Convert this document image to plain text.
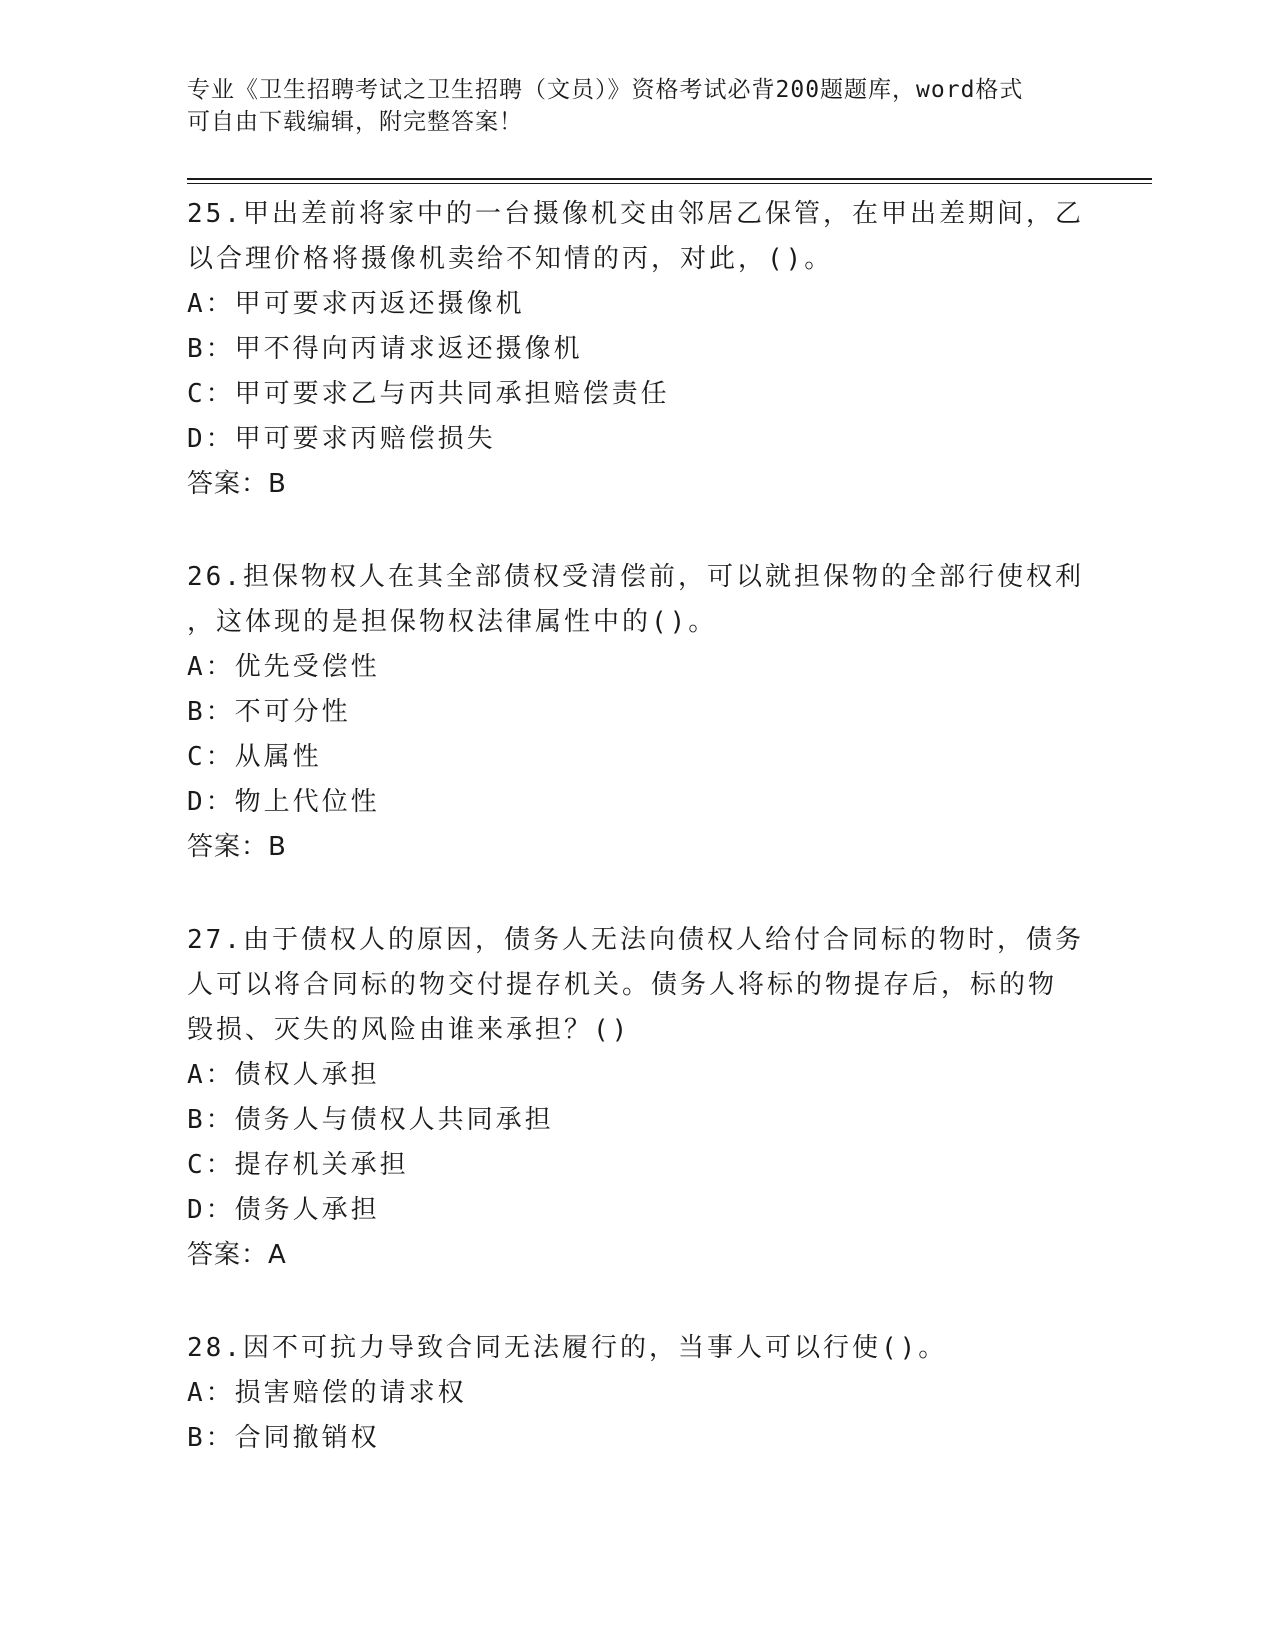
专业《卫生招聘考试之卫生招聘（文员）》资格考试必背200题题库，word格式
可自由下载编辑，附完整答案！
25.甲出差前将家中的一台摄像机交由邻居乙保管，在甲出差期间，乙
以合理价格将摄像机卖给不知情的丙，对此，()。
A：甲可要求丙返还摄像机
B：甲不得向丙请求返还摄像机
C：甲可要求乙与丙共同承担赔偿责任
D：甲可要求丙赔偿损失
答案：B
26.担保物权人在其全部债权受清偿前，可以就担保物的全部行使权利
，这体现的是担保物权法律属性中的()。
A：优先受偿性
B：不可分性
C：从属性
D：物上代位性
答案：B
27.由于债权人的原因，债务人无法向债权人给付合同标的物时，债务
人可以将合同标的物交付提存机关。债务人将标的物提存后，标的物
毁损、灭失的风险由谁来承担？()
A：债权人承担
B：债务人与债权人共同承担
C：提存机关承担
D：债务人承担
答案：A
28.因不可抗力导致合同无法履行的，当事人可以行使()。
A：损害赔偿的请求权
B：合同撤销权
